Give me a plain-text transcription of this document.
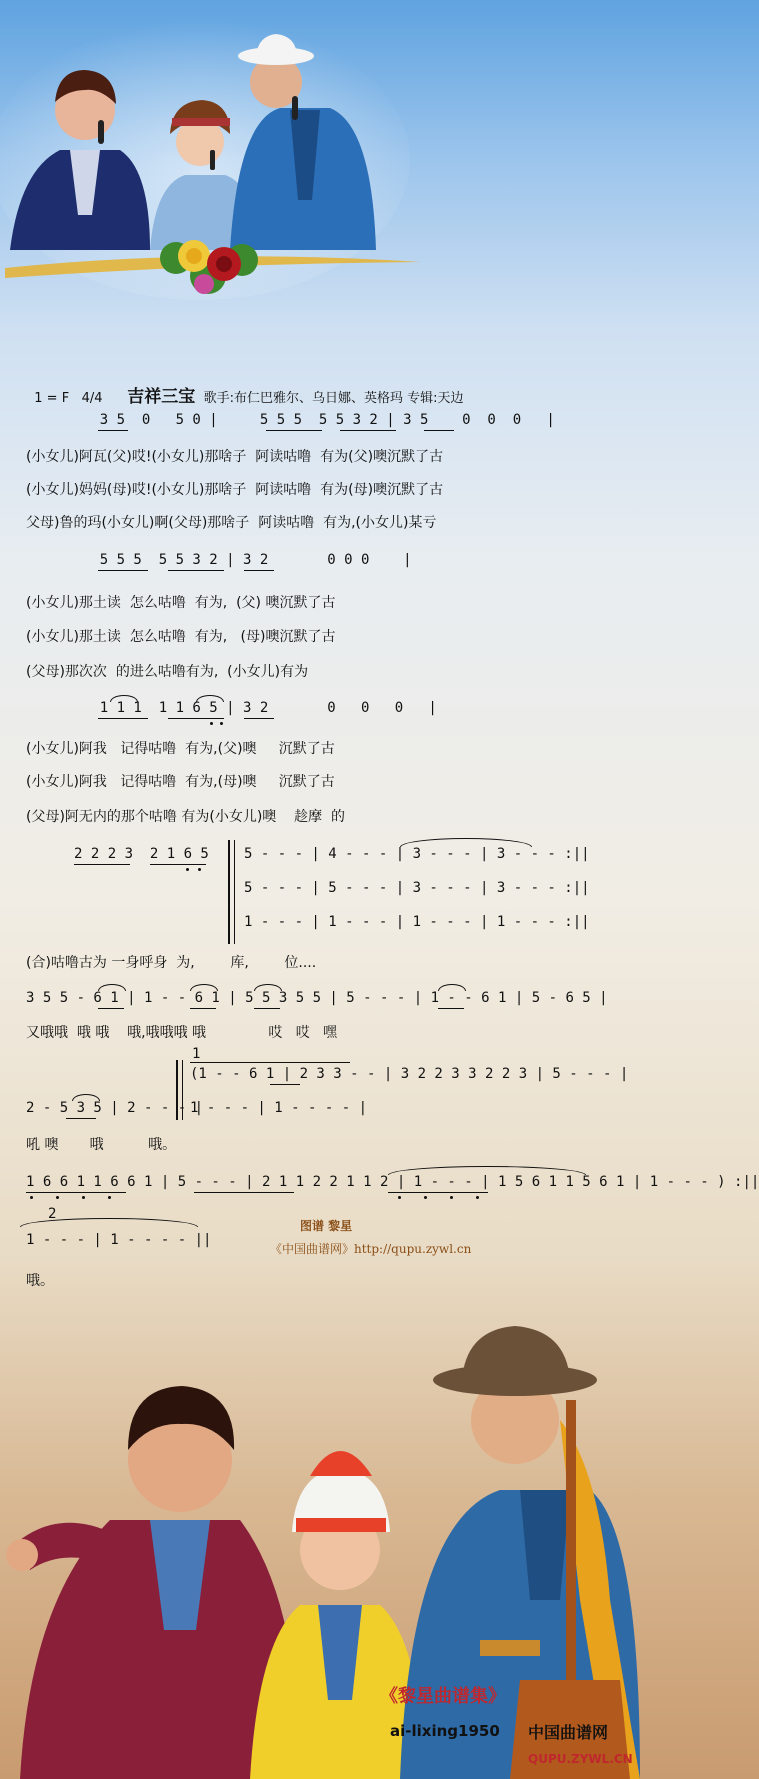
1 = F   4/4 吉祥三宝 歌手:布仁巴雅尔、乌日娜、英格玛 专辑:天边

3 5  0   5 0 |     5 5 5  5 5 3 2 | 3 5    0  0  0   |
(小女儿)阿瓦(父)哎!(小女儿)那啥子  阿读咕噜  有为(父)噢沉默了古
(小女儿)妈妈(母)哎!(小女儿)那啥子  阿读咕噜  有为(母)噢沉默了古
父母)鲁的玛(小女儿)啊(父母)那啥子  阿读咕噜  有为,(小女儿)某亏
5 5 5  5 5 3 2 | 3 2       0 0 0    |
(小女儿)那土读  怎么咕噜  有为,  (父) 噢沉默了古
(小女儿)那土读  怎么咕噜  有为,   (母)噢沉默了古
(父母)那次次  的进么咕噜有为,  (小女儿)有为
1 1 1  1 1 6 5 | 3 2       0   0   0   |
(小女儿)阿我   记得咕噜  有为,(父)噢     沉默了古
(小女儿)阿我   记得咕噜  有为,(母)噢     沉默了古
(父母)阿无内的那个咕噜 有为(小女儿)噢    趁摩  的
2 2 2 3  2 1 6 5	5 - - - | 4 - - - | 3 - - - | 3 - - - :||
5 - - - | 5 - - - | 3 - - - | 3 - - - :||
1 - - - | 1 - - - | 1 - - - | 1 - - - :||
(合)咕噜古为 一身呼身  为,        库,        位....
3 5 5 - 6 1 | 1 - - 6 1 | 5 5 3 5 5 | 5 - - - | 1 - - 6 1 | 5 - 6 5 |
又哦哦  哦 哦    哦,哦哦哦 哦              哎   哎   嘿
1
(1 - - 6 1 | 2 3 3 - - | 3 2 2 3 3 2 2 3 | 5 - - - |
1 - - - | 1 - - - - |
2 - 5 3 5 | 2 - - - |
吼 噢       哦          哦。
1 6 6 1 1 6 6 1 | 5 - - - | 2 1 1 2 2 1 1 2 | 1 - - - | 1 5 6 1 1 5 6 1 | 1 - - - ) :||
2
1 - - - | 1 - - - - ||
哦。
图谱 黎星
《中国曲谱网》http://qupu.zywl.cn
《黎星曲谱集》
ai-lixing1950 中国曲谱网
QUPU.ZYWL.CN
